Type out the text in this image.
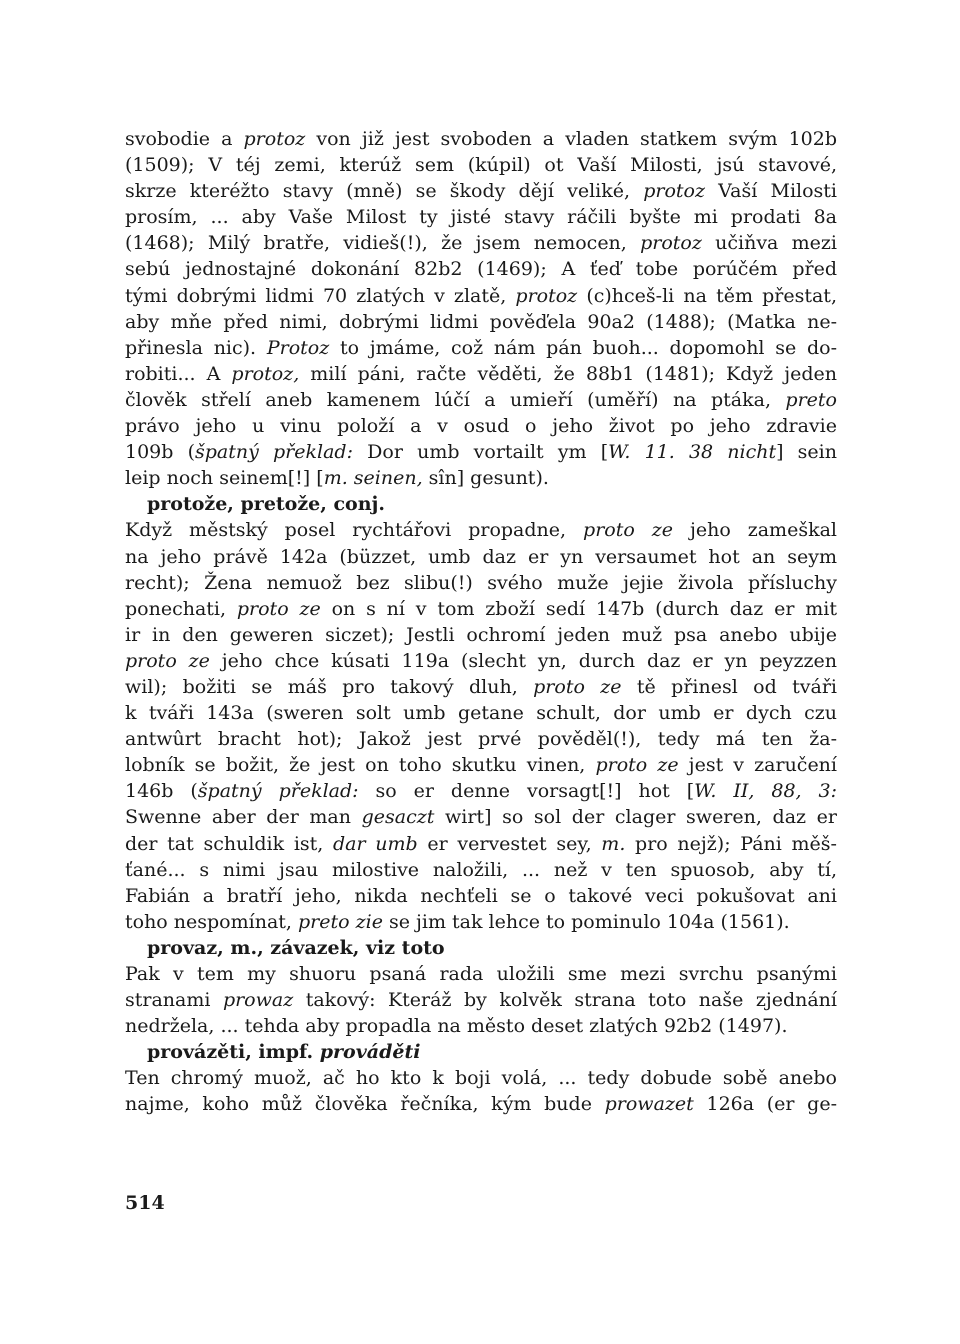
svobodie a protoz von již jest svoboden a vladen statkem svým 102b
(1509); V téj zemi, kterúž sem (kúpil) ot Vaší Milosti, jsú stavové,
skrze kteréžto stavy (mně) se škody dějí veliké, protoz Vaší Milosti
prosím, ... aby Vaše Milost ty jisté stavy ráčili byšte mi prodati 8a
(1468); Milý bratře, vidieš(!), že jsem nemocen, protoz učiňva mezi
sebú jednostajné dokonání 82b2 (1469); A ťeď tobe porúčém před
tými dobrými lidmi 70 zlatých v zlatě, protoz (c)hceš-li na těm přestat,
aby mňe před nimi, dobrými lidmi pověďela 90a2 (1488); (Matka ne-
přinesla nic). Protoz to jmáme, což nám pán buoh... dopomohl se do-
robiti... A protoz, milí páni, račte věděti, že 88b1 (1481); Když jeden
člověk střelí aneb kamenem lúčí a umieří (uměří) na ptáka, preto
právo jeho u vinu položí a v osud o jeho život po jeho zdravie
109b (špatný překlad: Dor umb vortailt ym [W. 11. 38 nicht] sein
leip noch seinem[!] [m. seinen, sîn] gesunt).
protože, pretože, conj.
Když městský posel rychtářovi propadne, proto ze jeho zameškal
na jeho právě 142a (büzzet, umb daz er yn versaumet hot an seym
recht); Žena nemuož bez slibu(!) svého muže jejie živola přísluchy
ponechati, proto ze on s ní v tom zboží sedí 147b (durch daz er mit
ir in den geweren siczet); Jestli ochromí jeden muž psa anebo ubije
proto ze jeho chce kúsati 119a (slecht yn, durch daz er yn peyzzen
wil); božiti se máš pro takový dluh, proto ze tě přinesl od tváři
k tváři 143a (sweren solt umb getane schult, dor umb er dych czu
antwûrt bracht hot); Jakož jest prvé pověděl(!), tedy má ten ža-
lobník se božit, že jest on toho skutku vinen, proto ze jest v zaručení
146b (špatný překlad: so er denne vorsagt[!] hot [W. II, 88, 3:
Swenne aber der man gesaczt wirt] so sol der clager sweren, daz er
der tat schuldik ist, dar umb er vervestet sey, m. pro nejž); Páni měš-
ťané... s nimi jsau milostive naložili, ... než v ten spuosob, aby tí,
Fabián a bratří jeho, nikda nechťeli se o takové veci pokušovat ani
toho nespomínat, preto zie se jim tak lehce to pominulo 104a (1561).
provaz, m., závazek, viz toto
Pak v tem my shuoru psaná rada uložili sme mezi svrchu psanými
stranami prowaz takový: Kteráž by kolvěk strana toto naše zjednání
nedržela, ... tehda aby propadla na město deset zlatých 92b2 (1497).
provázěti, impf. prováděti
Ten chromý muož, ač ho kto k boji volá, ... tedy dobude sobě anebo
najme, koho můž člověka řečníka, kým bude prowazet 126a (er ge-
514
